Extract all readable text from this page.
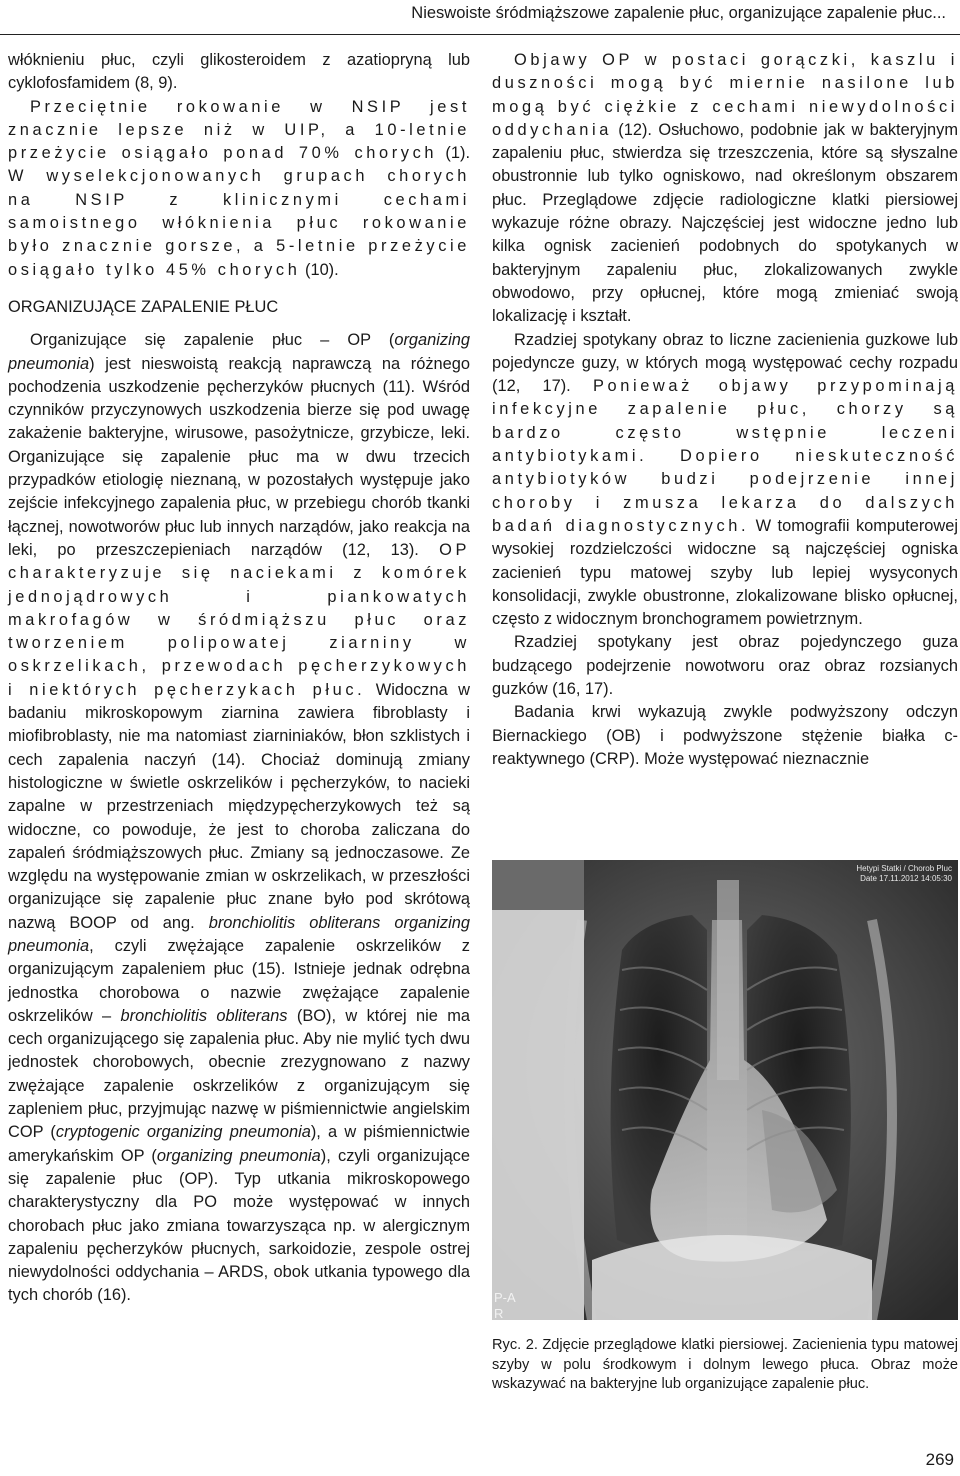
Nieswoiste śródmiąższowe zapalenie płuc, organizujące zapalenie płuc...

włóknieniu płuc, czyli glikosteroidem z azatiopryną lub cyklofosfamidem (8, 9).

Przeciętnie rokowanie w NSIP jest znacznie lepsze niż w UIP, a 10-letnie przeżycie osiągało ponad 70% chorych (1). W wyselekcjonowanych grupach chorych na NSIP z klinicznymi cechami samoistnego włóknienia płuc rokowanie było znacznie gorsze, a 5-letnie przeżycie osiągało tylko 45% chorych (10).

ORGANIZUJĄCE ZAPALENIE PŁUC

Organizujące się zapalenie płuc – OP (organizing pneumonia) jest nieswoistą reakcją naprawczą na różnego pochodzenia uszkodzenie pęcherzyków płucnych (11). Wśród czynników przyczynowych uszkodzenia bierze się pod uwagę zakażenie bakteryjne, wirusowe, pasożytnicze, grzybicze, leki. Organizujące się zapalenie płuc ma w dwu trzecich przypadków etiologię nieznaną, w pozostałych występuje jako zejście infekcyjnego zapalenia płuc, w przebiegu chorób tkanki łącznej, nowotworów płuc lub innych narządów, jako reakcja na leki, po przeszczepieniach narządów (12, 13). OP charakteryzuje się naciekami z komórek jednojądrowych i piankowatych makrofagów w śródmiąższu płuc oraz tworzeniem polipowatej ziarniny w oskrzelikach, przewodach pęcherzykowych i niektórych pęcherzykach płuc. Widoczna w badaniu mikroskopowym ziarnina zawiera fibroblasty i miofibroblasty, nie ma natomiast ziarniniaków, błon szklistych i cech zapalenia naczyń (14). Chociaż dominują zmiany histologiczne w świetle oskrzelików i pęcherzyków, to nacieki zapalne w przestrzeniach międzypęcherzykowych też są widoczne, co powoduje, że jest to choroba zaliczana do zapaleń śródmiąższowych płuc. Zmiany są jednoczasowe. Ze względu na występowanie zmian w oskrzelikach, w przeszłości organizujące się zapalenie płuc znane było pod skrótową nazwą BOOP od ang. bronchiolitis obliterans organizing pneumonia, czyli zwężające zapalenie oskrzelików z organizującym zapaleniem płuc (15). Istnieje jednak odrębna jednostka chorobowa o nazwie zwężające zapalenie oskrzelików – bronchiolitis obliterans (BO), w której nie ma cech organizującego się zapalenia płuc. Aby nie mylić tych dwu jednostek chorobowych, obecnie zrezygnowano z nazwy zwężające zapalenie oskrzelików z organizującym się zapleniem płuc, przyjmując nazwę w piśmiennictwie angielskim COP (cryptogenic organizing pneumonia), a w piśmiennictwie amerykańskim OP (organizing pneumonia), czyli organizujące się zapalenie płuc (OP). Typ utkania mikroskopowego charakterystyczny dla PO może występować w innych chorobach płuc jako zmiana towarzysząca np. w alergicznym zapaleniu pęcherzyków płucnych, sarkoidozie, zespole ostrej niewydolności oddychania – ARDS, obok utkania typowego dla tych chorób (16).

Objawy OP w postaci gorączki, kaszlu i duszności mogą być miernie nasilone lub mogą być ciężkie z cechami niewydolności oddychania (12). Osłuchowo, podobnie jak w bakteryjnym zapaleniu płuc, stwierdza się trzeszczenia, które są słyszalne obustronnie lub tylko ogniskowo, nad określonym obszarem płuc. Przeglądowe zdjęcie radiologiczne klatki piersiowej wykazuje różne obrazy. Najczęściej jest widoczne jedno lub kilka ognisk zacienień podobnych do spotykanych w bakteryjnym zapaleniu płuc, zlokalizowanych zwykle obwodowo, przy opłucnej, które mogą zmieniać swoją lokalizację i kształt.

Rzadziej spotykany obraz to liczne zacienienia guzkowe lub pojedyncze guzy, w których mogą występować cechy rozpadu (12, 17). Ponieważ objawy przypominają infekcyjne zapalenie płuc, chorzy są bardzo często wstępnie leczeni antybiotykami. Dopiero nieskuteczność antybiotyków budzi podejrzenie innej choroby i zmusza lekarza do dalszych badań diagnostycznych. W tomografii komputerowej wysokiej rozdzielczości widoczne są najczęściej ogniska zacienień typu matowej szyby lub lepiej wysyconych konsolidacji, zwykle obustronne, zlokalizowane blisko opłucnej, często z widocznym bronchogramem powietrznym.

Rzadziej spotykany jest obraz pojedynczego guza budzącego podejrzenie nowotworu oraz obraz rozsianych guzków (16, 17).

Badania krwi wykazują zwykle podwyższony odczyn Biernackiego (OB) i podwyższone stężenie białka c-reaktywnego (CRP). Może występować nieznacznie

Hetypi Statki / Chorob Pluc
Date 17.11.2012 14:05:30
P-A
R
Ryc. 2. Zdjęcie przeglądowe klatki piersiowej. Zacienienia typu matowej szyby w polu środkowym i dolnym lewego płuca. Obraz może wskazywać na bakteryjne lub organizujące zapalenie płuc.
269
